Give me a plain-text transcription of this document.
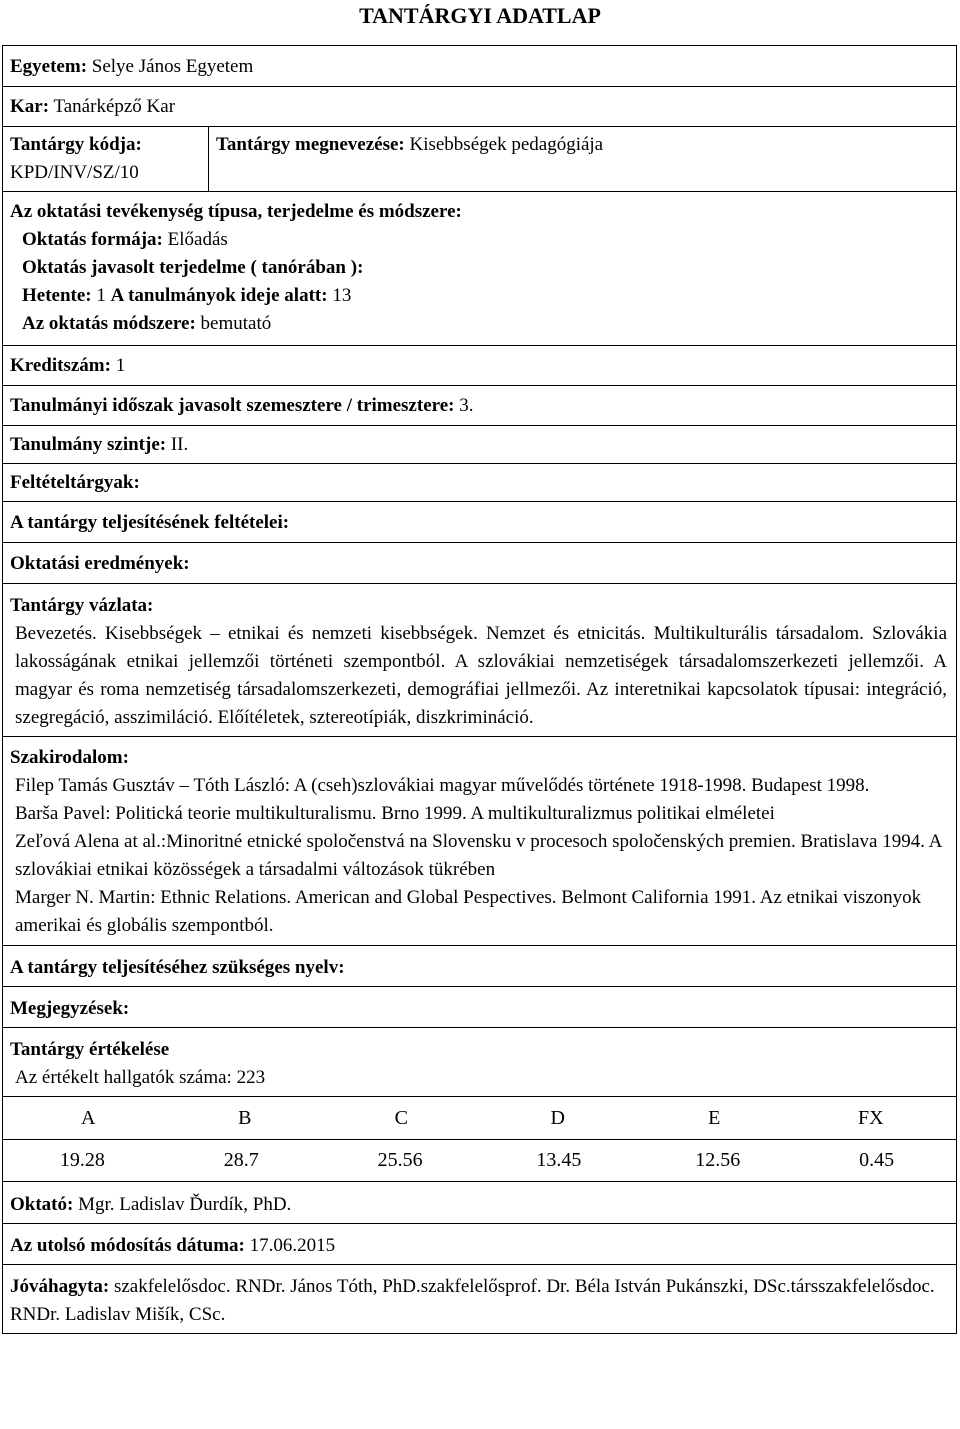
TANTÁRGYI ADATLAP
Egyetem: Selye János Egyetem
Kar: Tanárképző Kar
Tantárgy kódja:
KPD/INV/SZ/10
Tantárgy megnevezése: Kisebbségek pedagógiája
Az oktatási tevékenység típusa, terjedelme és módszere:
Oktatás formája: Előadás
Oktatás javasolt terjedelme ( tanórában ):
Hetente: 1 A tanulmányok ideje alatt: 13
Az oktatás módszere: bemutató
Kreditszám: 1
Tanulmányi időszak javasolt szemesztere / trimesztere: 3.
Tanulmány szintje: II.
Feltételtárgyak:
A tantárgy teljesítésének feltételei:
Oktatási eredmények:
Tantárgy vázlata:
Bevezetés. Kisebbségek – etnikai és nemzeti kisebbségek. Nemzet és etnicitás. Multikulturális társadalom. Szlovákia lakosságának etnikai jellemzői történeti szempontból. A szlovákiai nemzetiségek társadalomszerkezeti jellemzői. A magyar és roma nemzetiség társadalomszerkezeti, demográfiai jellmezői. Az interetnikai kapcsolatok típusai: integráció, szegregáció, asszimiláció. Előítéletek, sztereotípiák, diszkrimináció.
Szakirodalom:
Filep Tamás Gusztáv – Tóth László: A (cseh)szlovákiai magyar művelődés története 1918-1998. Budapest 1998.
Barša Pavel: Politická teorie multikulturalismu. Brno 1999. A multikulturalizmus politikai elméletei
Zeľová Alena at al.:Minoritné etnické spoločenstvá na Slovensku v procesoch spoločenských premien. Bratislava 1994. A szlovákiai etnikai közösségek a társadalmi változások tükrében
Marger N. Martin: Ethnic Relations. American and Global Pespectives. Belmont California 1991. Az etnikai viszonyok amerikai és globális szempontból.
A tantárgy teljesítéséhez szükséges nyelv:
Megjegyzések:
Tantárgy értékelése
Az értékelt hallgatók száma: 223
A	B	C	D	E	FX
19.28	28.7	25.56	13.45	12.56	0.45
Oktató: Mgr. Ladislav Ďurdík, PhD.
Az utolsó módosítás dátuma: 17.06.2015
Jóváhagyta: szakfelelősdoc. RNDr. János Tóth, PhD.szakfelelősprof. Dr. Béla István Pukánszki, DSc.társszakfelelősdoc. RNDr. Ladislav Mišík, CSc.
